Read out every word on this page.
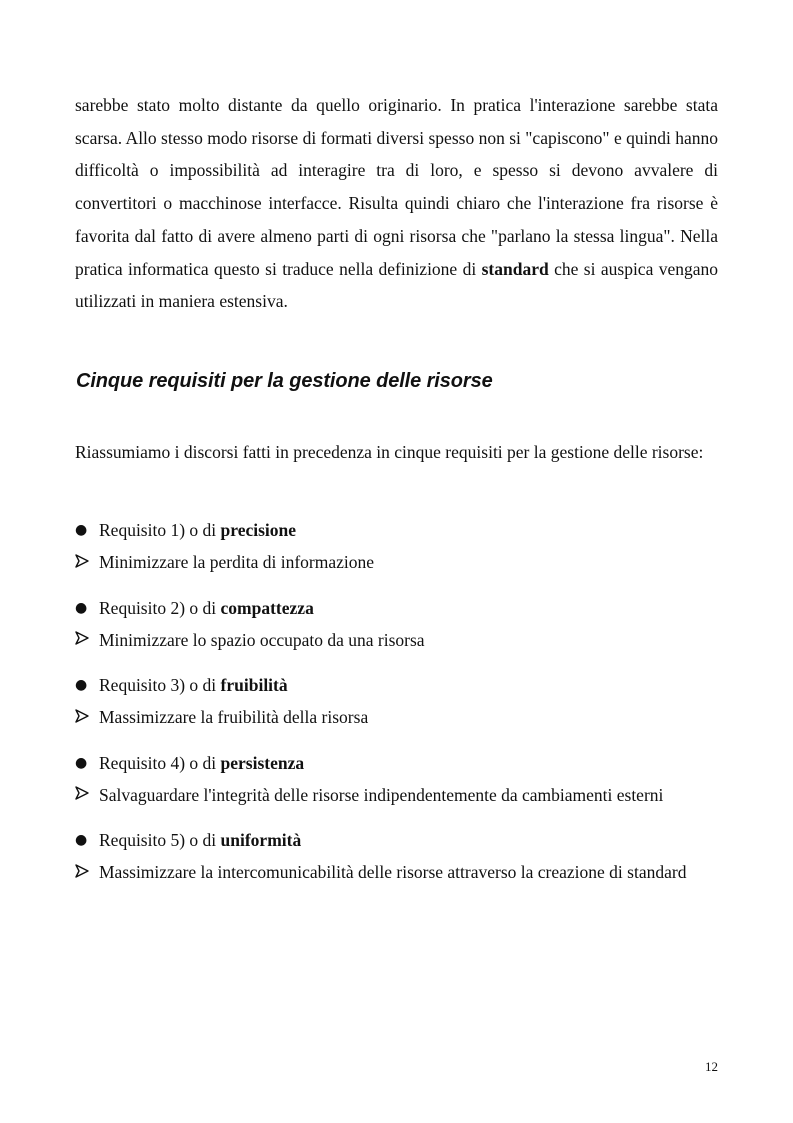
sarebbe stato molto distante da quello originario. In pratica l'interazione sarebbe stata scarsa. Allo stesso modo risorse di formati diversi spesso non si "capiscono" e quindi hanno difficoltà o impossibilità ad interagire tra di loro, e spesso si devono avvalere di convertitori o macchinose interfacce. Risulta quindi chiaro che l'interazione fra risorse è favorita dal fatto di avere almeno parti di ogni risorsa che "parlano la stessa lingua". Nella pratica informatica questo si traduce nella definizione di standard che si auspica vengano utilizzati in maniera estensiva.

Cinque requisiti per la gestione delle risorse

Riassumiamo i discorsi fatti in precedenza in cinque requisiti per la gestione delle risorse:

● Requisito 1) o di precisione
Minimizzare la perdita di informazione
● Requisito 2) o di compattezza
Minimizzare lo spazio occupato da una risorsa
● Requisito 3) o di fruibilità
Massimizzare la fruibilità della risorsa
● Requisito 4) o di persistenza
Salvaguardare l'integrità delle risorse indipendentemente da cambiamenti esterni
● Requisito 5) o di uniformità
Massimizzare la intercomunicabilità delle risorse attraverso la creazione di standard
12
